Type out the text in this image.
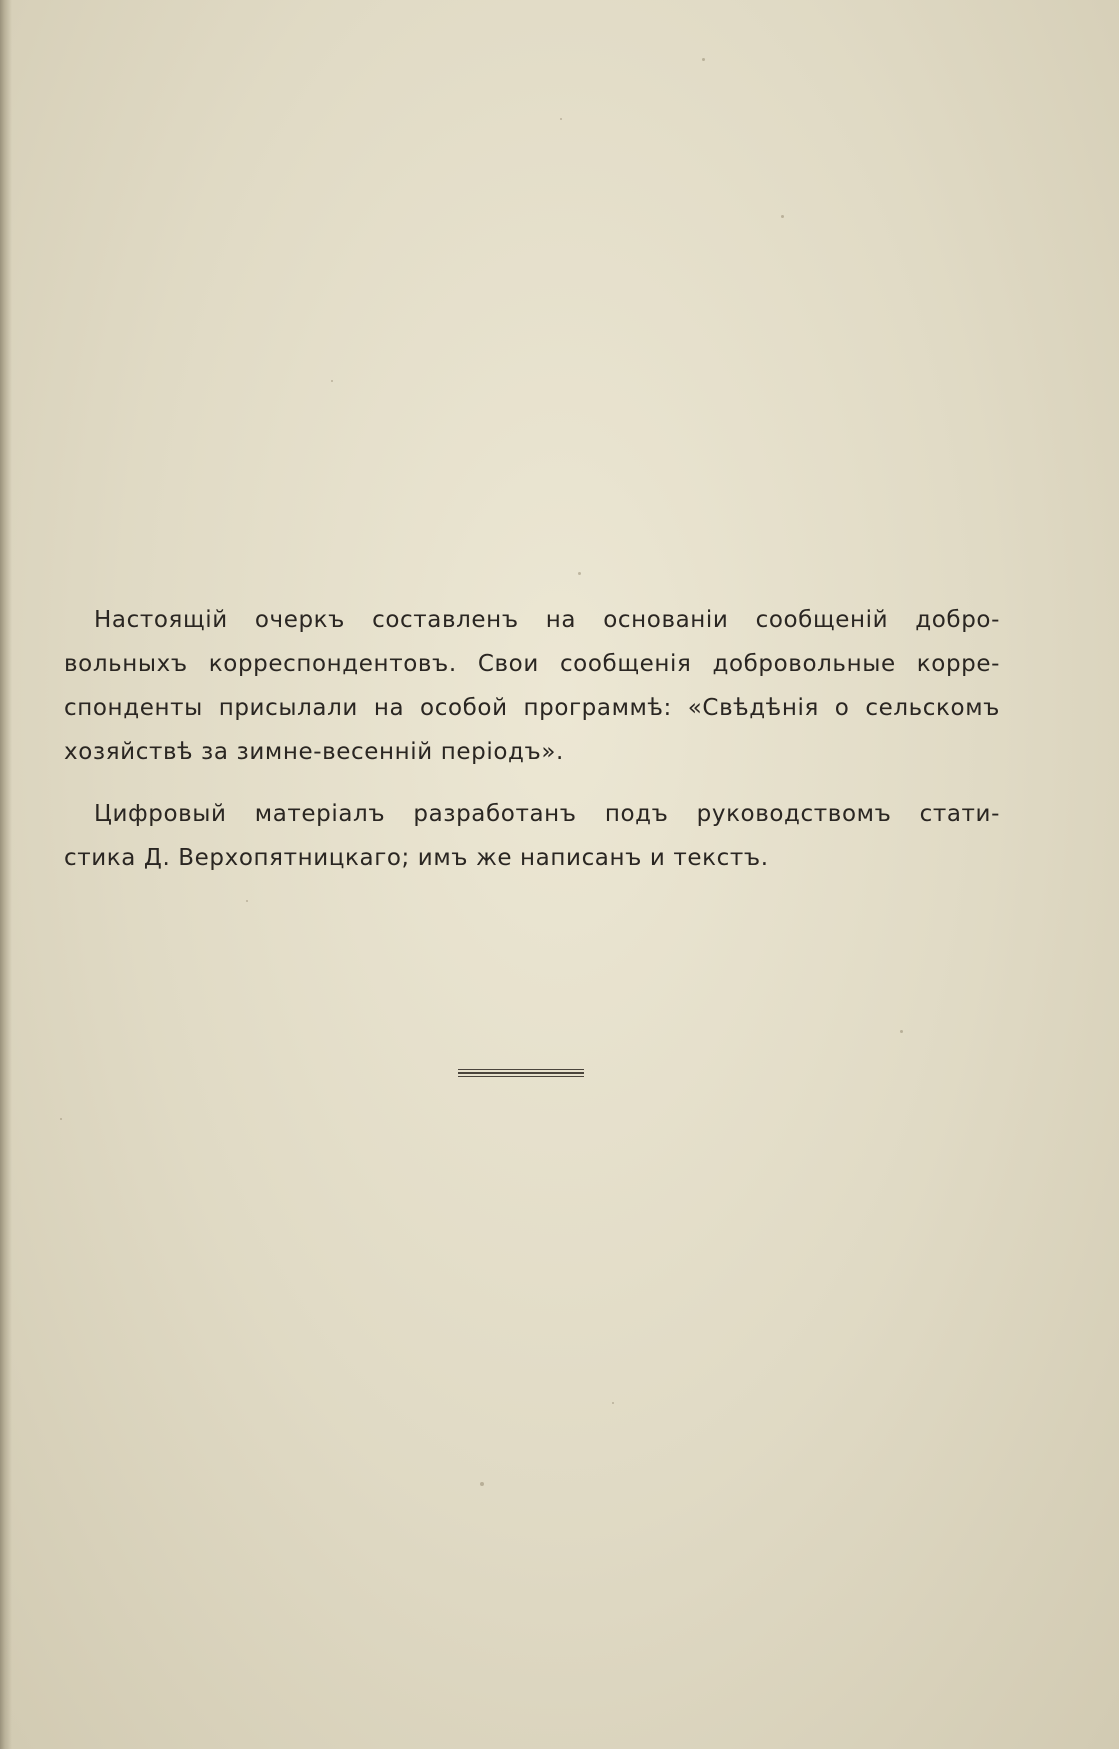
Настоящій очеркъ составленъ на основаніи сообщеній добро-
вольныхъ корреспондентовъ. Свои сообщенія добровольные корре-
спонденты присылали на особой программѣ: «Свѣдѣнія о сельскомъ
хозяйствѣ за зимне-весенній періодъ».
Цифровый матеріалъ разработанъ подъ руководствомъ стати-
стика Д. Верхопятницкаго; имъ же написанъ и текстъ.
